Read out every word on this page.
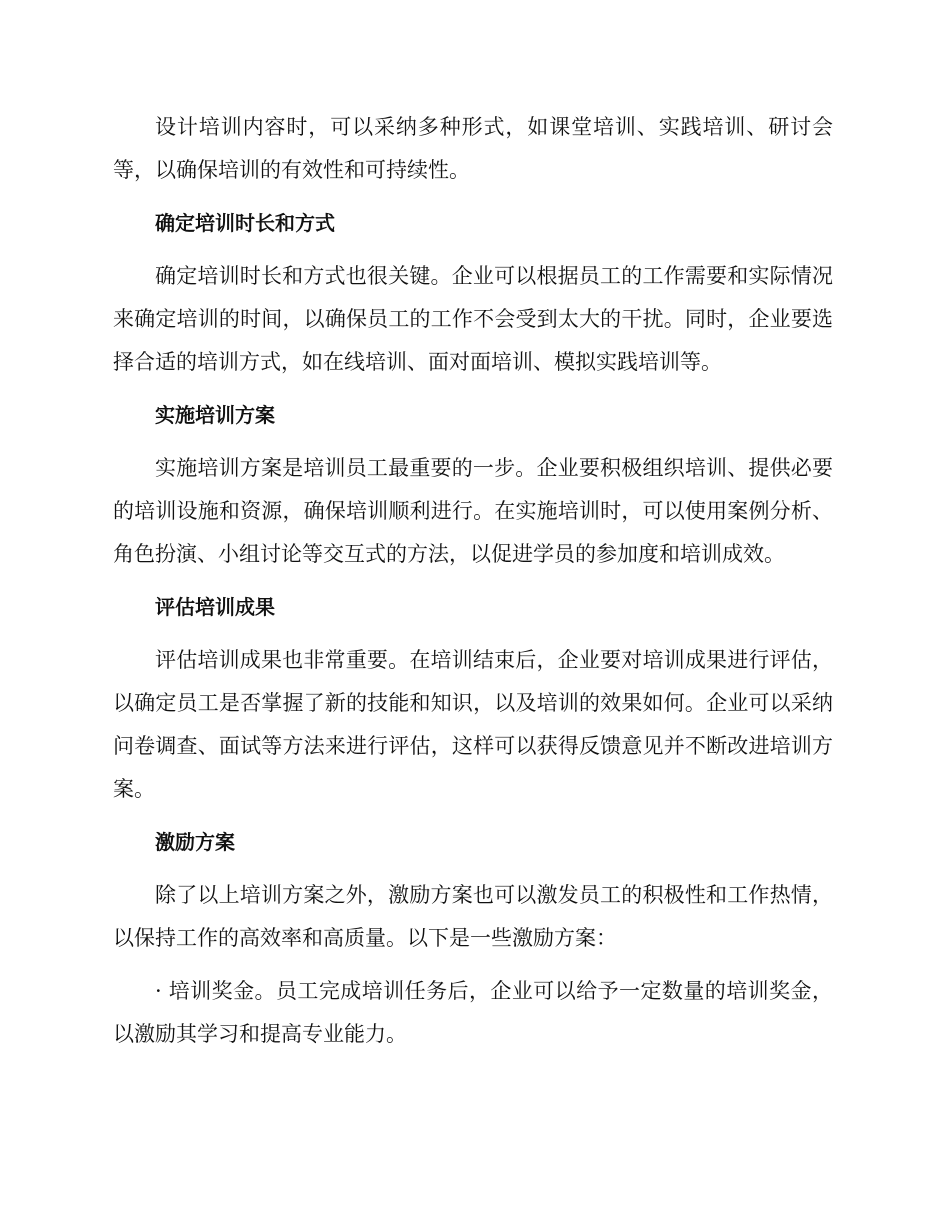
设计培训内容时，可以采纳多种形式，如课堂培训、实践培训、研讨会等，以确保培训的有效性和可持续性。

确定培训时长和方式

确定培训时长和方式也很关键。企业可以根据员工的工作需要和实际情况来确定培训的时间，以确保员工的工作不会受到太大的干扰。同时，企业要选择合适的培训方式，如在线培训、面对面培训、模拟实践培训等。

实施培训方案

实施培训方案是培训员工最重要的一步。企业要积极组织培训、提供必要的培训设施和资源，确保培训顺利进行。在实施培训时，可以使用案例分析、角色扮演、小组讨论等交互式的方法，以促进学员的参加度和培训成效。

评估培训成果

评估培训成果也非常重要。在培训结束后，企业要对培训成果进行评估，以确定员工是否掌握了新的技能和知识，以及培训的效果如何。企业可以采纳问卷调查、面试等方法来进行评估，这样可以获得反馈意见并不断改进培训方案。

激励方案

除了以上培训方案之外，激励方案也可以激发员工的积极性和工作热情，以保持工作的高效率和高质量。以下是一些激励方案：

· 培训奖金。员工完成培训任务后，企业可以给予一定数量的培训奖金，以激励其学习和提高专业能力。
